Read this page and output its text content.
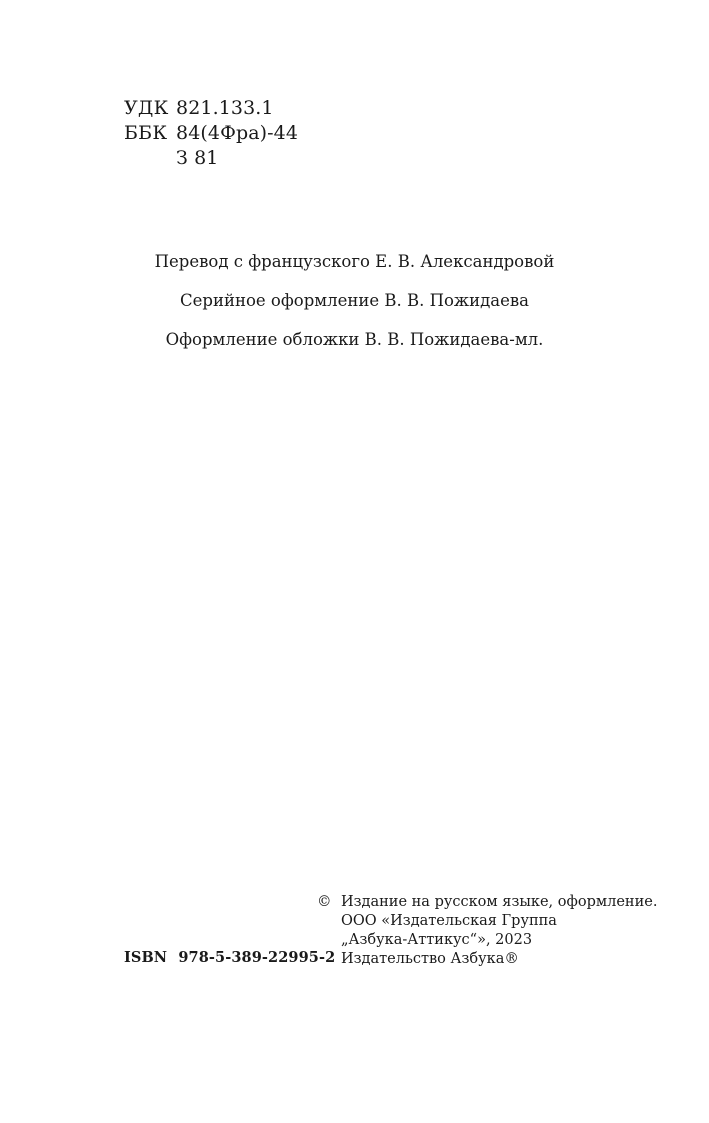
УДК 821.133.1
ББК 84(4Фра)-44
З 81
Перевод с французского Е. В. Александровой
Серийное оформление В. В. Пожидаева
Оформление обложки В. В. Пожидаева-мл.
ISBN 978-5-389-22995-2
© Издание на русском языке, оформление.
ООО «Издательская Группа
„Азбука-Аттикус“», 2023
Издательство Азбука®
